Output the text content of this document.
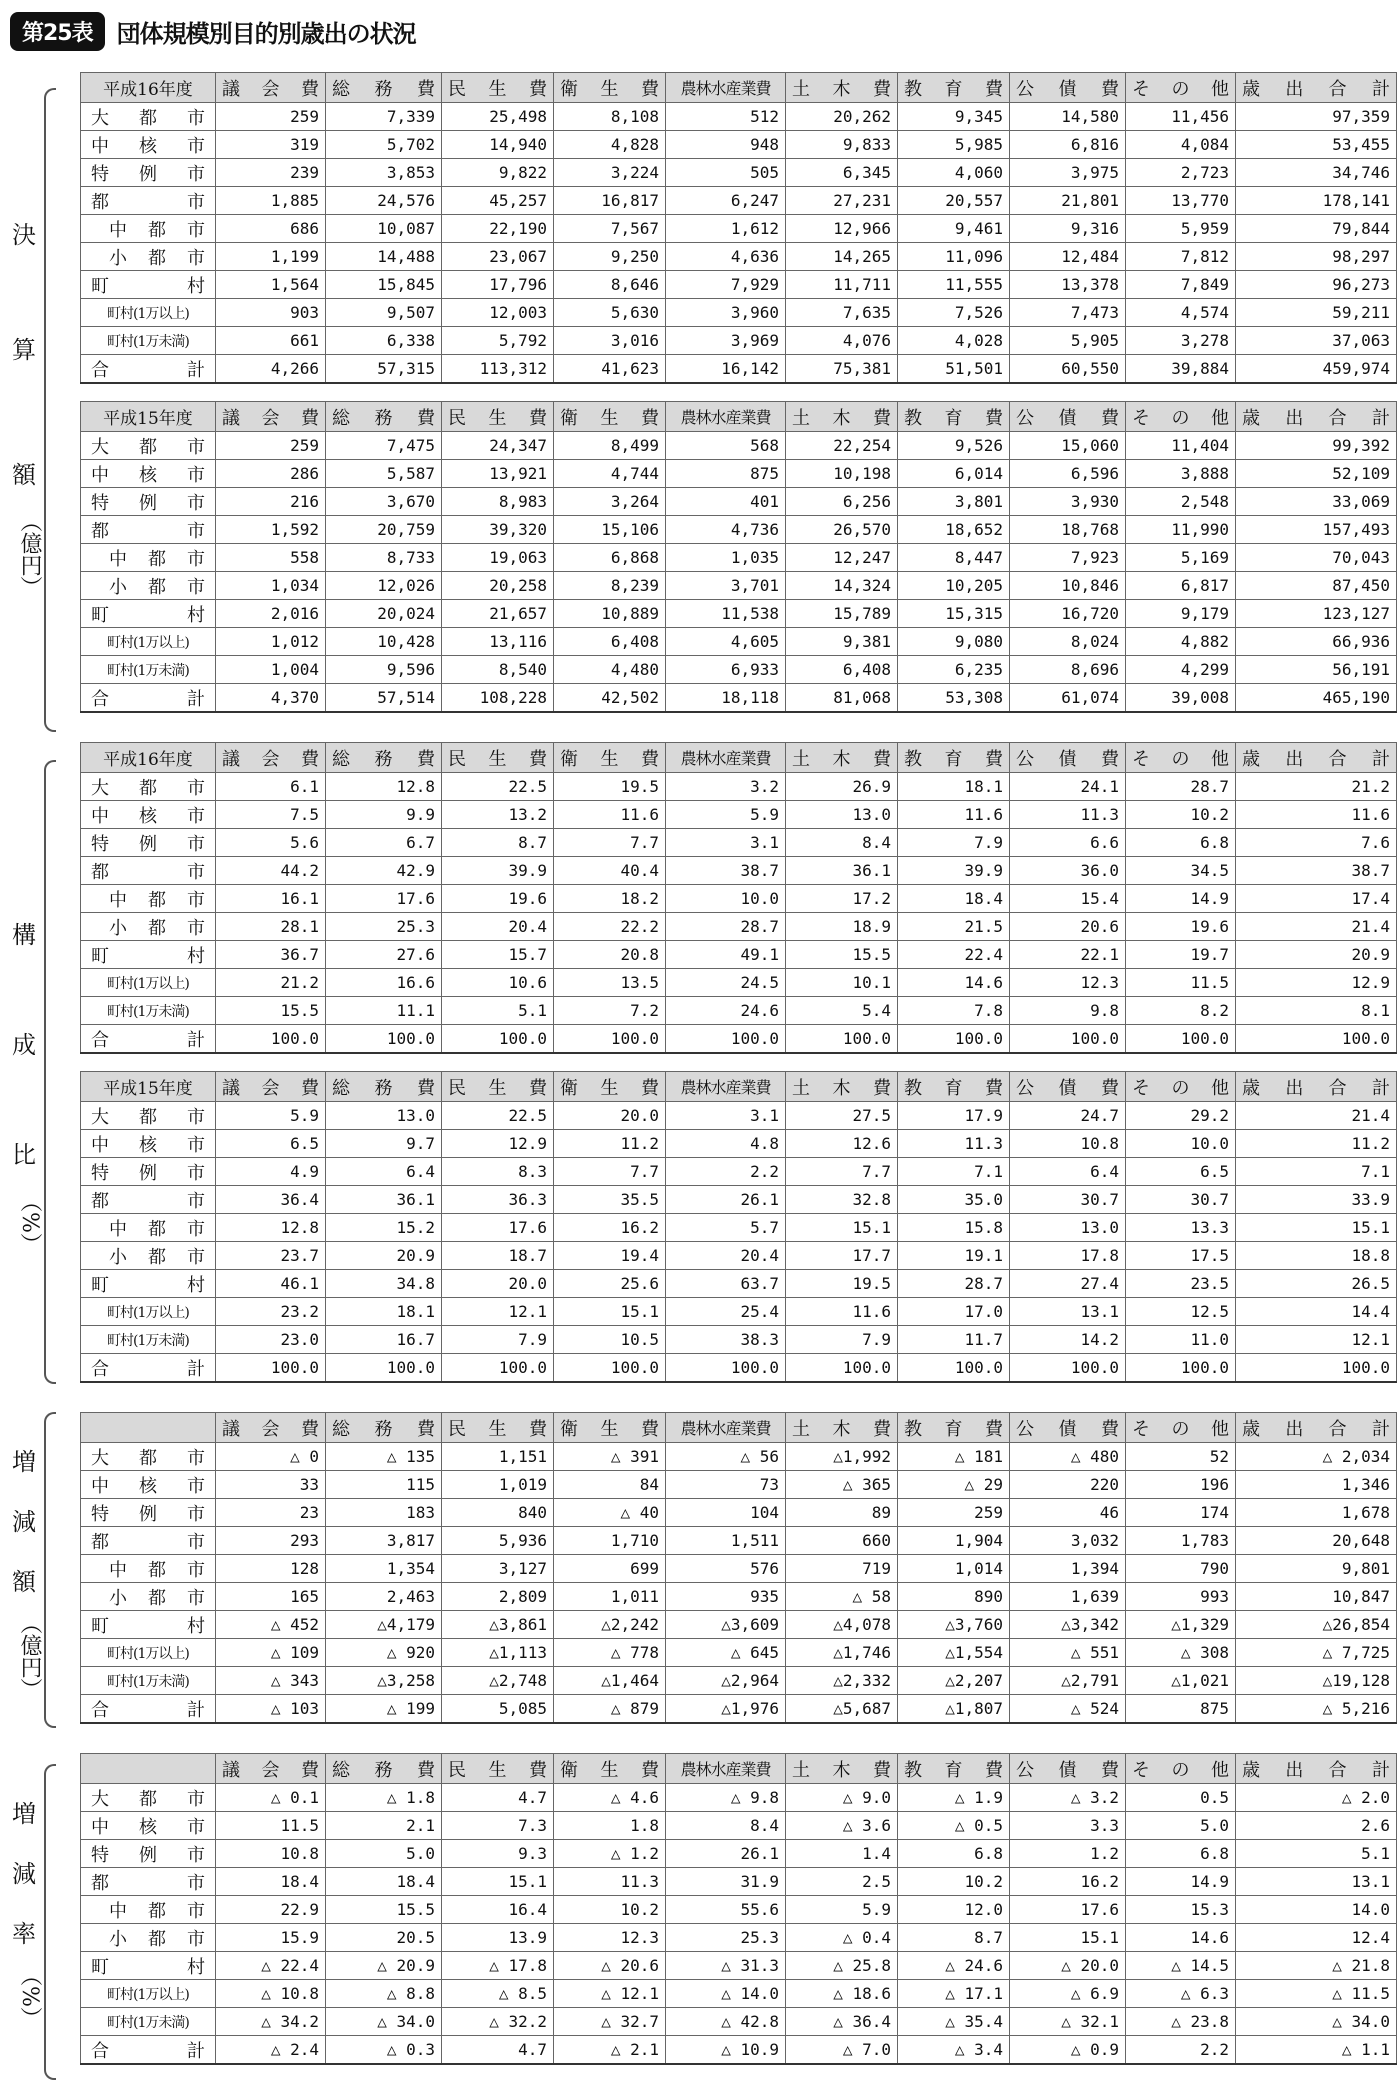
第25表	団体規模別目的別歳出の状況
決
算
額
（億円）
構
成
比
（%）
増
減
額
（億円）
増
減
率
（%）
平成16年度	議会費	総務費	民生費	衛生費	農林水産業費	土木費	教育費	公債費	その他	歳出合計
大都市	259	7,339	25,498	8,108	512	20,262	9,345	14,580	11,456	97,359
中核市	319	5,702	14,940	4,828	948	9,833	5,985	6,816	4,084	53,455
特例市	239	3,853	9,822	3,224	505	6,345	4,060	3,975	2,723	34,746
都市	1,885	24,576	45,257	16,817	6,247	27,231	20,557	21,801	13,770	178,141
中都市	686	10,087	22,190	7,567	1,612	12,966	9,461	9,316	5,959	79,844
小都市	1,199	14,488	23,067	9,250	4,636	14,265	11,096	12,484	7,812	98,297
町村	1,564	15,845	17,796	8,646	7,929	11,711	11,555	13,378	7,849	96,273
町村(1万以上)	903	9,507	12,003	5,630	3,960	7,635	7,526	7,473	4,574	59,211
町村(1万未満)	661	6,338	5,792	3,016	3,969	4,076	4,028	5,905	3,278	37,063
合計	4,266	57,315	113,312	41,623	16,142	75,381	51,501	60,550	39,884	459,974
平成15年度	議会費	総務費	民生費	衛生費	農林水産業費	土木費	教育費	公債費	その他	歳出合計
大都市	259	7,475	24,347	8,499	568	22,254	9,526	15,060	11,404	99,392
中核市	286	5,587	13,921	4,744	875	10,198	6,014	6,596	3,888	52,109
特例市	216	3,670	8,983	3,264	401	6,256	3,801	3,930	2,548	33,069
都市	1,592	20,759	39,320	15,106	4,736	26,570	18,652	18,768	11,990	157,493
中都市	558	8,733	19,063	6,868	1,035	12,247	8,447	7,923	5,169	70,043
小都市	1,034	12,026	20,258	8,239	3,701	14,324	10,205	10,846	6,817	87,450
町村	2,016	20,024	21,657	10,889	11,538	15,789	15,315	16,720	9,179	123,127
町村(1万以上)	1,012	10,428	13,116	6,408	4,605	9,381	9,080	8,024	4,882	66,936
町村(1万未満)	1,004	9,596	8,540	4,480	6,933	6,408	6,235	8,696	4,299	56,191
合計	4,370	57,514	108,228	42,502	18,118	81,068	53,308	61,074	39,008	465,190
平成16年度	議会費	総務費	民生費	衛生費	農林水産業費	土木費	教育費	公債費	その他	歳出合計
大都市	6.1	12.8	22.5	19.5	3.2	26.9	18.1	24.1	28.7	21.2
中核市	7.5	9.9	13.2	11.6	5.9	13.0	11.6	11.3	10.2	11.6
特例市	5.6	6.7	8.7	7.7	3.1	8.4	7.9	6.6	6.8	7.6
都市	44.2	42.9	39.9	40.4	38.7	36.1	39.9	36.0	34.5	38.7
中都市	16.1	17.6	19.6	18.2	10.0	17.2	18.4	15.4	14.9	17.4
小都市	28.1	25.3	20.4	22.2	28.7	18.9	21.5	20.6	19.6	21.4
町村	36.7	27.6	15.7	20.8	49.1	15.5	22.4	22.1	19.7	20.9
町村(1万以上)	21.2	16.6	10.6	13.5	24.5	10.1	14.6	12.3	11.5	12.9
町村(1万未満)	15.5	11.1	5.1	7.2	24.6	5.4	7.8	9.8	8.2	8.1
合計	100.0	100.0	100.0	100.0	100.0	100.0	100.0	100.0	100.0	100.0
平成15年度	議会費	総務費	民生費	衛生費	農林水産業費	土木費	教育費	公債費	その他	歳出合計
大都市	5.9	13.0	22.5	20.0	3.1	27.5	17.9	24.7	29.2	21.4
中核市	6.5	9.7	12.9	11.2	4.8	12.6	11.3	10.8	10.0	11.2
特例市	4.9	6.4	8.3	7.7	2.2	7.7	7.1	6.4	6.5	7.1
都市	36.4	36.1	36.3	35.5	26.1	32.8	35.0	30.7	30.7	33.9
中都市	12.8	15.2	17.6	16.2	5.7	15.1	15.8	13.0	13.3	15.1
小都市	23.7	20.9	18.7	19.4	20.4	17.7	19.1	17.8	17.5	18.8
町村	46.1	34.8	20.0	25.6	63.7	19.5	28.7	27.4	23.5	26.5
町村(1万以上)	23.2	18.1	12.1	15.1	25.4	11.6	17.0	13.1	12.5	14.4
町村(1万未満)	23.0	16.7	7.9	10.5	38.3	7.9	11.7	14.2	11.0	12.1
合計	100.0	100.0	100.0	100.0	100.0	100.0	100.0	100.0	100.0	100.0
	議会費	総務費	民生費	衛生費	農林水産業費	土木費	教育費	公債費	その他	歳出合計
大都市	△ 0	△ 135	1,151	△ 391	△ 56	△1,992	△ 181	△ 480	52	△ 2,034
中核市	33	115	1,019	84	73	△ 365	△ 29	220	196	1,346
特例市	23	183	840	△ 40	104	89	259	46	174	1,678
都市	293	3,817	5,936	1,710	1,511	660	1,904	3,032	1,783	20,648
中都市	128	1,354	3,127	699	576	719	1,014	1,394	790	9,801
小都市	165	2,463	2,809	1,011	935	△ 58	890	1,639	993	10,847
町村	△ 452	△4,179	△3,861	△2,242	△3,609	△4,078	△3,760	△3,342	△1,329	△26,854
町村(1万以上)	△ 109	△ 920	△1,113	△ 778	△ 645	△1,746	△1,554	△ 551	△ 308	△ 7,725
町村(1万未満)	△ 343	△3,258	△2,748	△1,464	△2,964	△2,332	△2,207	△2,791	△1,021	△19,128
合計	△ 103	△ 199	5,085	△ 879	△1,976	△5,687	△1,807	△ 524	875	△ 5,216
	議会費	総務費	民生費	衛生費	農林水産業費	土木費	教育費	公債費	その他	歳出合計
大都市	△ 0.1	△ 1.8	4.7	△ 4.6	△ 9.8	△ 9.0	△ 1.9	△ 3.2	0.5	△ 2.0
中核市	11.5	2.1	7.3	1.8	8.4	△ 3.6	△ 0.5	3.3	5.0	2.6
特例市	10.8	5.0	9.3	△ 1.2	26.1	1.4	6.8	1.2	6.8	5.1
都市	18.4	18.4	15.1	11.3	31.9	2.5	10.2	16.2	14.9	13.1
中都市	22.9	15.5	16.4	10.2	55.6	5.9	12.0	17.6	15.3	14.0
小都市	15.9	20.5	13.9	12.3	25.3	△ 0.4	8.7	15.1	14.6	12.4
町村	△ 22.4	△ 20.9	△ 17.8	△ 20.6	△ 31.3	△ 25.8	△ 24.6	△ 20.0	△ 14.5	△ 21.8
町村(1万以上)	△ 10.8	△ 8.8	△ 8.5	△ 12.1	△ 14.0	△ 18.6	△ 17.1	△ 6.9	△ 6.3	△ 11.5
町村(1万未満)	△ 34.2	△ 34.0	△ 32.2	△ 32.7	△ 42.8	△ 36.4	△ 35.4	△ 32.1	△ 23.8	△ 34.0
合計	△ 2.4	△ 0.3	4.7	△ 2.1	△ 10.9	△ 7.0	△ 3.4	△ 0.9	2.2	△ 1.1
